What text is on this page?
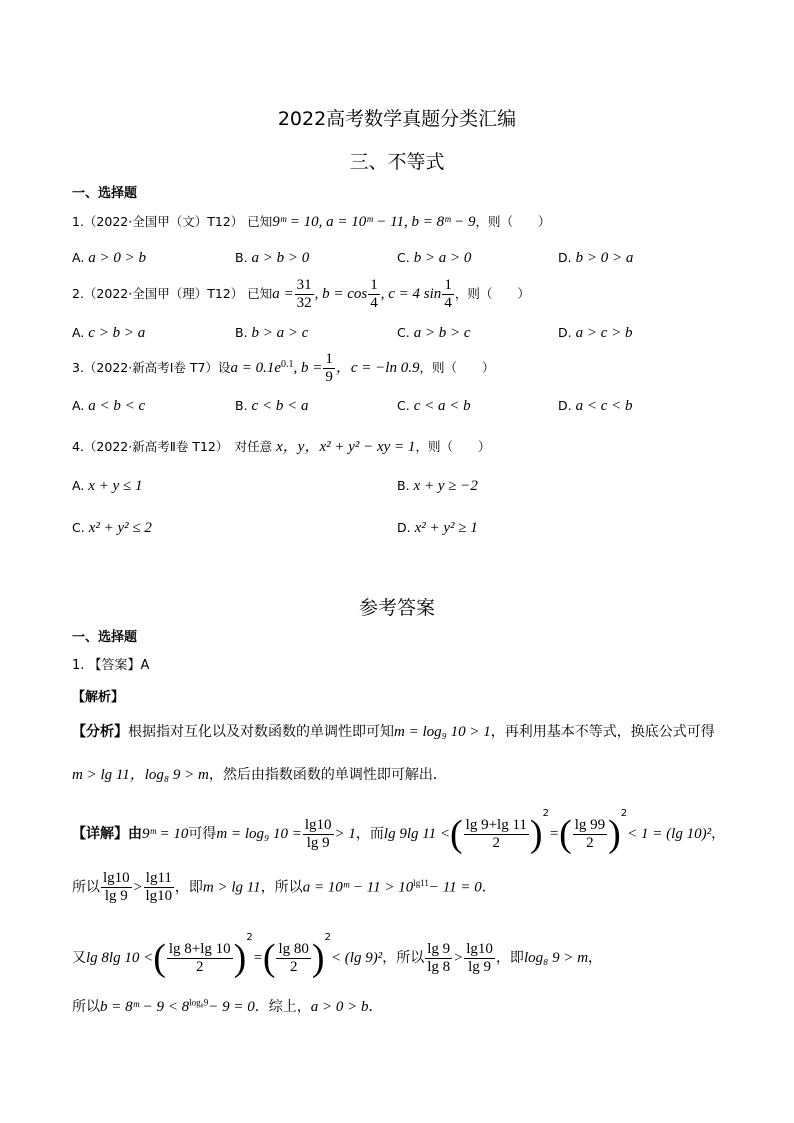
2022高考数学真题分类汇编
三、不等式
一、选择题
1.（2022·全国甲（文）T12） 已知9ᵐ = 10, a = 10ᵐ − 11, b = 8ᵐ − 9，则（　　）
A. a > 0 > b	B. a > b > 0	C. b > a > 0	D. b > 0 > a
2.（2022·全国甲（理）T12） 已知$a = \frac{31}{32}$ , $b = \cos \frac{1}{4}$ , c = 4 $\sin \frac{1}{4}$ ，则（　　）
A. c > b > a	B. b > a > c	C. a > b > c	D. a > c > b
3.（2022·新高考Ⅰ卷 T7）设$a = 0.1e^{0.1}$, $b = \frac{1}{9}$ ，c = −ln 0.9，则（　　）
A. a < b < c	B. c < b < a	C. c < a < b	D. a < c < b
4.（2022·新高考Ⅱ卷 T12）　对任意 x，y，x² + y² − xy = 1，则（　　）
A. x + y ≤ 1	B. x + y ≥ −2
C. x² + y² ≤ 2	D. x² + y² ≥ 1
参考答案
一、选择题
1. 【答案】A
【解析】
【分析】根据指对互化以及对数函数的单调性即可知m = log₉ 10 > 1，再利用基本不等式，换底公式可得
m > lg 11，log₈ 9 > m，然后由指数函数的单调性即可解出．
【详解】由9ᵐ = 10可得m = log₉ $10 = \frac{\lg 10}{\lg 9} > 1$，而lg 9lg 11 <( $\frac{\lg 9+\lg 11}{2} )^2=( \frac{\lg 99}{2} )^2< 1 = (\lg$ 10)²，
所以 $\frac{\lg 10}{\lg 9} > \frac{\lg 11}{\lg 10}$ ，即m > lg 11，所以a = 10ᵐ − $11 > 10^{lg11}- 11 = 0$．
又lg 8lg 10 <( $\frac{\lg 8+\lg 10}{2} )^2=( \frac{\lg 80}{2} )^2< (\lg$ 9)²，所以 $\frac{\lg 9}{\lg 8} > \frac{\lg 10}{\lg 9}$ ，即log₈ 9 > m，
所以b = 8ᵐ − $9 < 8^{log_89}- 9 = 0$．综上，a > 0 > b．
